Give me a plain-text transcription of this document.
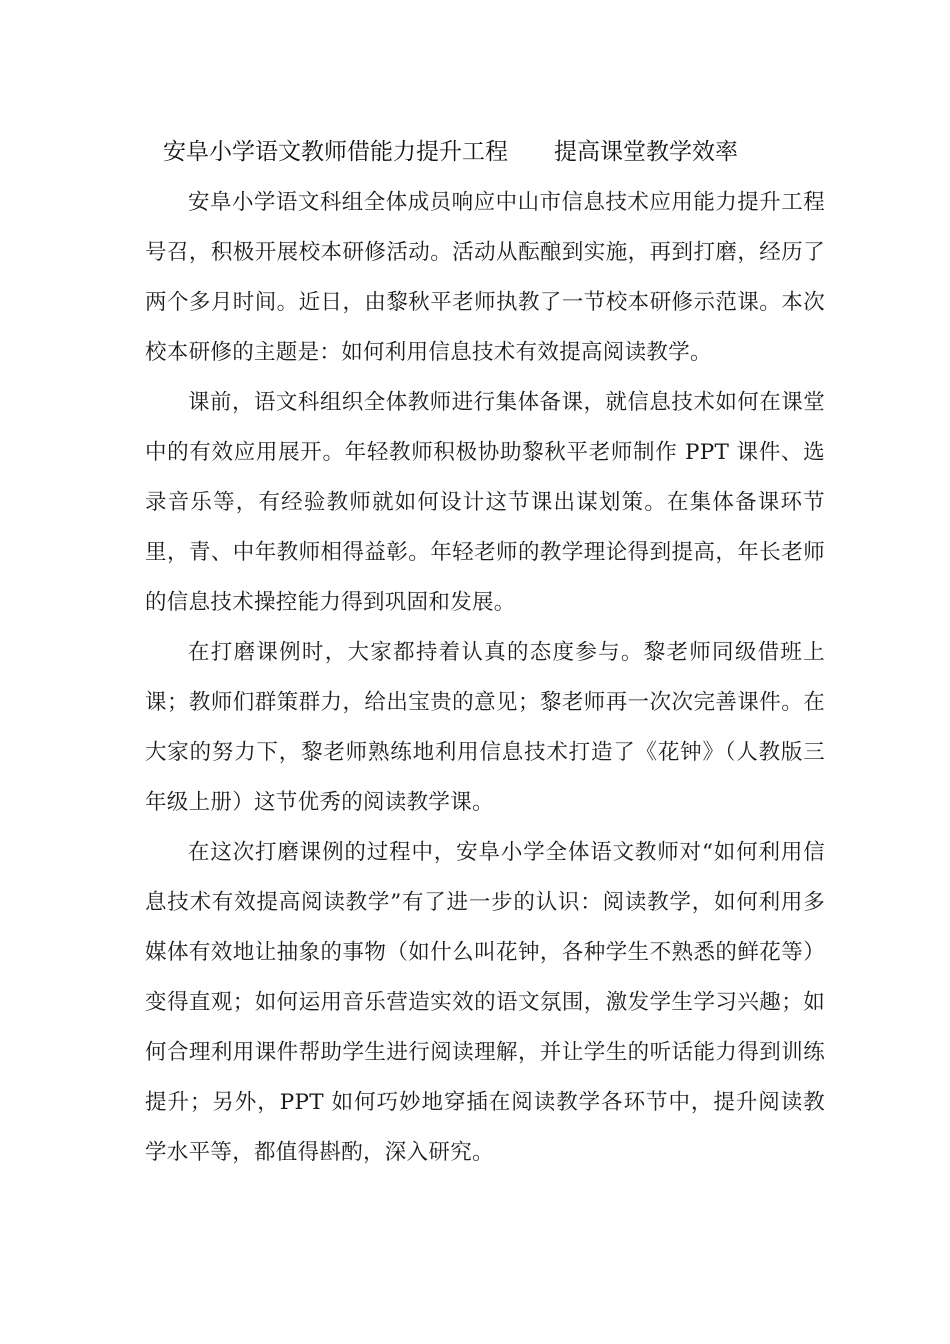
安阜小学语文教师借能力提升工程　　提高课堂教学效率

安阜小学语文科组全体成员响应中山市信息技术应用能力提升工程号召，积极开展校本研修活动。活动从酝酿到实施，再到打磨，经历了两个多月时间。近日，由黎秋平老师执教了一节校本研修示范课。本次校本研修的主题是：如何利用信息技术有效提高阅读教学。

课前，语文科组织全体教师进行集体备课，就信息技术如何在课堂中的有效应用展开。年轻教师积极协助黎秋平老师制作 PPT 课件、选录音乐等，有经验教师就如何设计这节课出谋划策。在集体备课环节里，青、中年教师相得益彰。年轻老师的教学理论得到提高，年长老师的信息技术操控能力得到巩固和发展。

在打磨课例时，大家都持着认真的态度参与。黎老师同级借班上课；教师们群策群力，给出宝贵的意见；黎老师再一次次完善课件。在大家的努力下，黎老师熟练地利用信息技术打造了《花钟》（人教版三年级上册）这节优秀的阅读教学课。

在这次打磨课例的过程中，安阜小学全体语文教师对“如何利用信息技术有效提高阅读教学”有了进一步的认识：阅读教学，如何利用多媒体有效地让抽象的事物（如什么叫花钟，各种学生不熟悉的鲜花等）变得直观；如何运用音乐营造实效的语文氛围，激发学生学习兴趣；如何合理利用课件帮助学生进行阅读理解，并让学生的听话能力得到训练提升；另外，PPT 如何巧妙地穿插在阅读教学各环节中，提升阅读教学水平等，都值得斟酌，深入研究。
